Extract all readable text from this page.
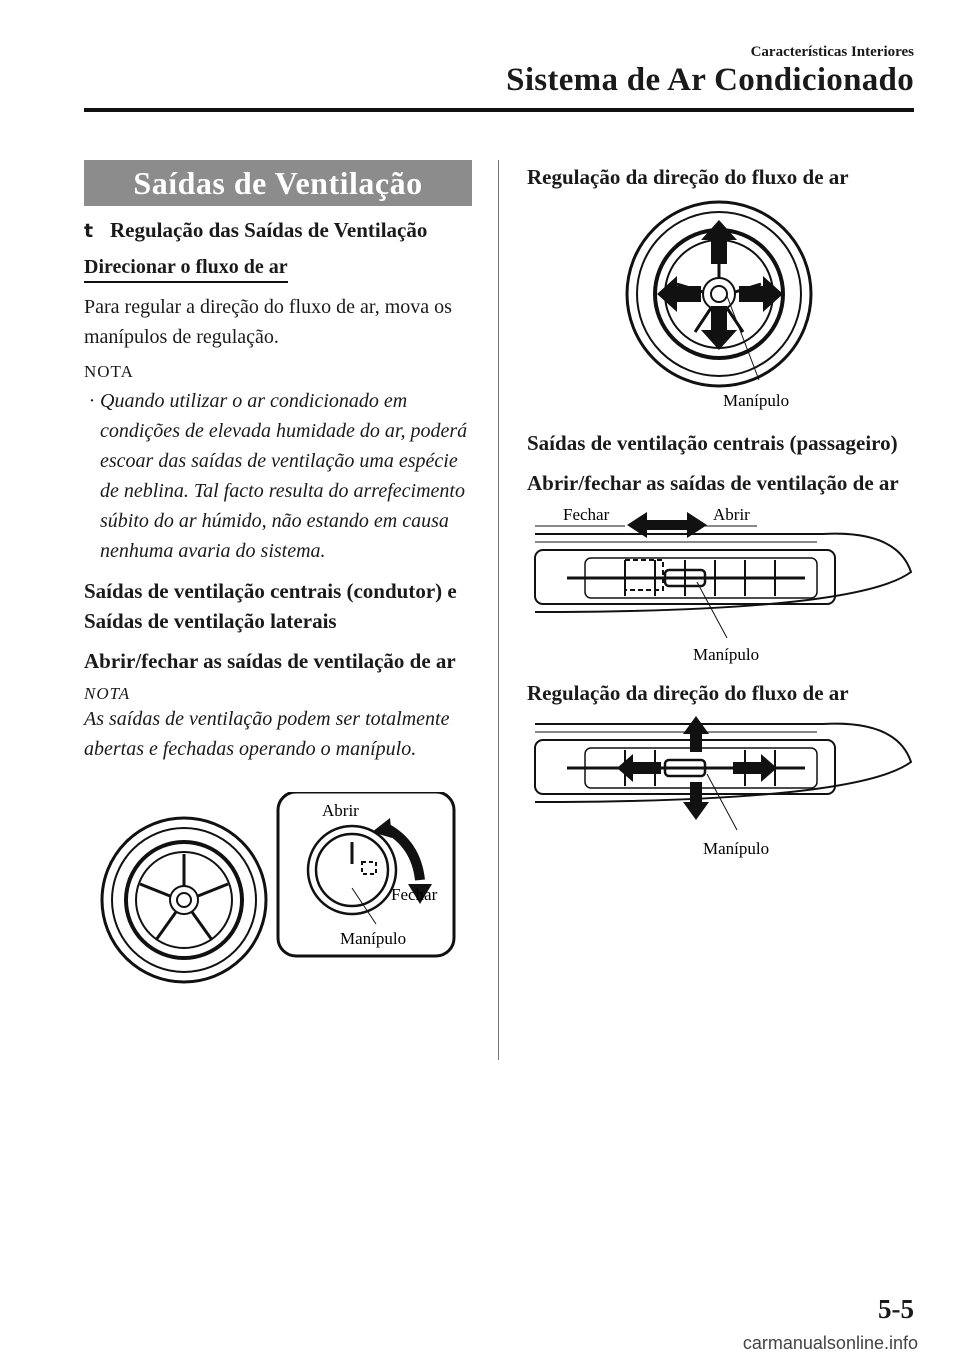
Características Interiores
Sistema de Ar Condicionado
Saídas de Ventilação
t Regulação das Saídas de Ventilação
Direcionar o fluxo de ar
Para regular a direção do fluxo de ar, mova os manípulos de regulação.
NOTA
· Quando utilizar o ar condicionado em condições de elevada humidade do ar, poderá escoar das saídas de ventilação uma espécie de neblina. Tal facto resulta do arrefecimento súbito do ar húmido, não estando em causa nenhuma avaria do sistema.
Saídas de ventilação centrais (condutor) e Saídas de ventilação laterais
Abrir/fechar as saídas de ventilação de ar
NOTA
As saídas de ventilação podem ser totalmente abertas e fechadas operando o manípulo.
Abrir
Fechar
Manípulo
Regulação da direção do fluxo de ar
Manípulo
Saídas de ventilação centrais (passageiro)
Abrir/fechar as saídas de ventilação de ar
Fechar	Abrir
Manípulo
Regulação da direção do fluxo de ar
Manípulo
5-5
carmanualsonline.info
